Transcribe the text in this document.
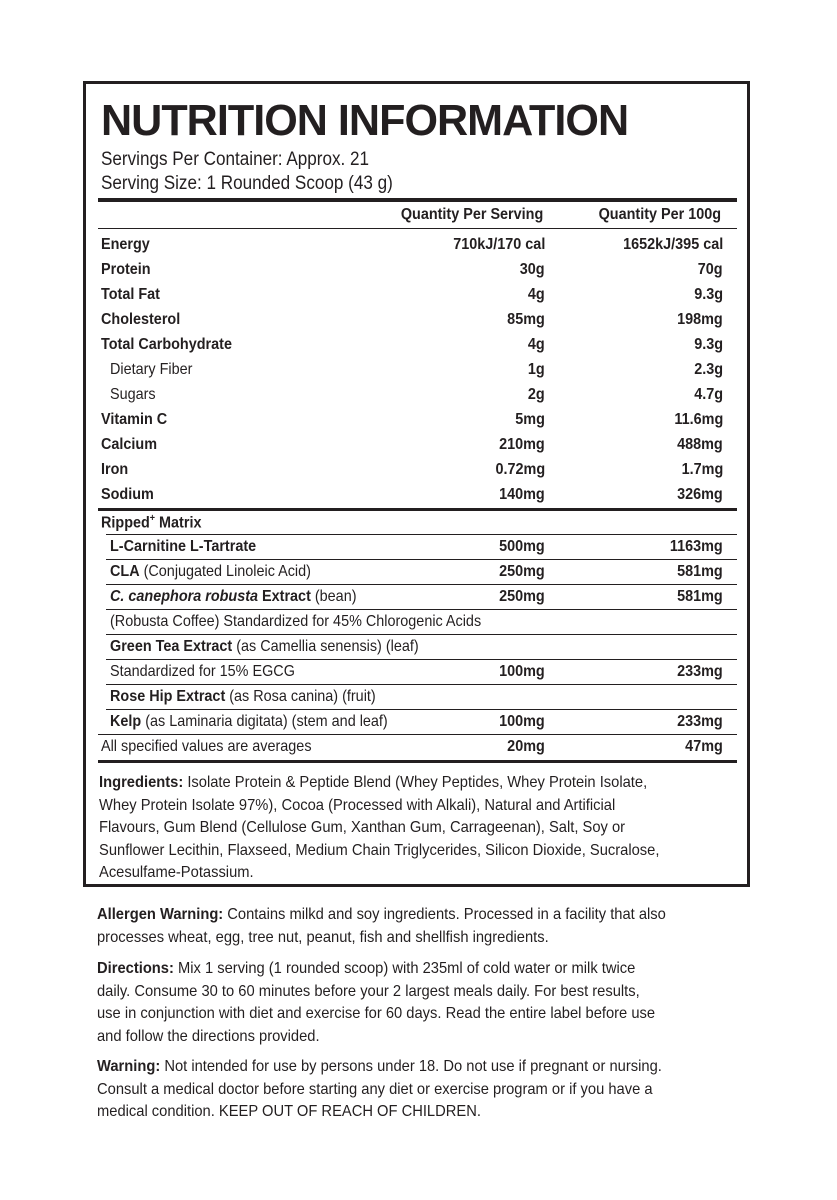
NUTRITION INFORMATION
Servings Per Container: Approx. 21
Serving Size: 1 Rounded Scoop (43 g)
Quantity Per Serving	Quantity Per 100g
Energy	710kJ/170 cal	1652kJ/395 cal
Protein	30g	70g
Total Fat	4g	9.3g
Cholesterol	85mg	198mg
Total Carbohydrate	4g	9.3g
Dietary Fiber	1g	2.3g
Sugars	2g	4.7g
Vitamin C	5mg	11.6mg
Calcium	210mg	488mg
Iron	0.72mg	1.7mg
Sodium	140mg	326mg
Ripped+ Matrix
L-Carnitine L-Tartrate	500mg	1163mg
CLA (Conjugated Linoleic Acid)	250mg	581mg
C. canephora robusta Extract (bean)	250mg	581mg
(Robusta Coffee) Standardized for 45% Chlorogenic Acids
Green Tea Extract (as Camellia senensis) (leaf)
Standardized for 15% EGCG	100mg	233mg
Rose Hip Extract (as Rosa canina) (fruit)
Kelp (as Laminaria digitata) (stem and leaf)	100mg	233mg
All specified values are averages	20mg	47mg

Ingredients: Isolate Protein & Peptide Blend (Whey Peptides, Whey Protein Isolate,

Whey Protein Isolate 97%), Cocoa (Processed with Alkali), Natural and Artificial

Flavours, Gum Blend (Cellulose Gum, Xanthan Gum, Carrageenan), Salt, Soy or

Sunflower Lecithin, Flaxseed, Medium Chain Triglycerides, Silicon Dioxide, Sucralose,

Acesulfame-Potassium.

Allergen Warning: Contains milkd and soy ingredients. Processed in a facility that also

processes wheat, egg, tree nut, peanut, fish and shellfish ingredients.

Directions: Mix 1 serving (1 rounded scoop) with 235ml of cold water or milk twice

daily. Consume 30 to 60 minutes before your 2 largest meals daily. For best results,

use in conjunction with diet and exercise for 60 days. Read the entire label before use

and follow the directions provided.

Warning: Not intended for use by persons under 18. Do not use if pregnant or nursing.

Consult a medical doctor before starting any diet or exercise program or if you have a

medical condition. KEEP OUT OF REACH OF CHILDREN.
